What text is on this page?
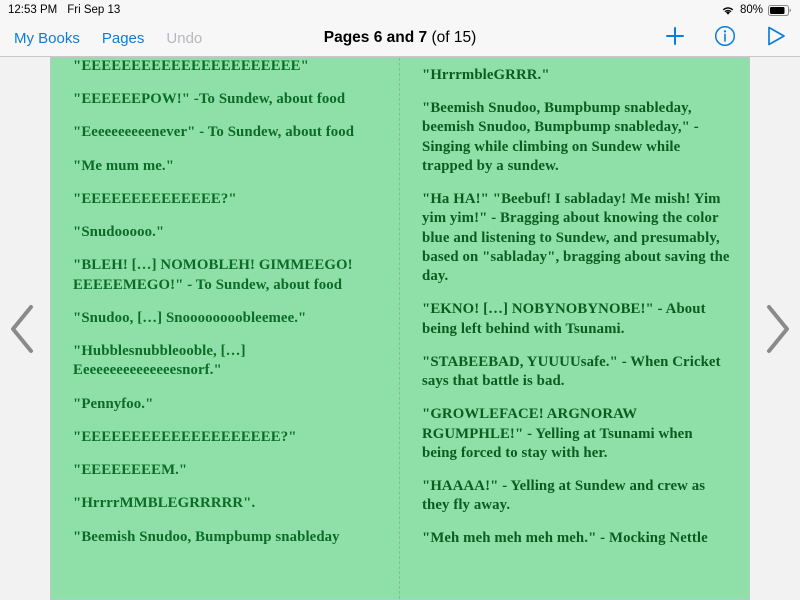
12:53 PM Fri Sep 13	80%
My Books Pages Undo	Pages 6 and 7 (of 15)

"EEEEEEEEEEEEEEEEEEEEEE"

"EEEEEEPOW!" -To Sundew, about food

"Eeeeeeeeeenever" - To Sundew, about food

"Me mum me."

"EEEEEEEEEEEEEE?"

"Snudooooo."

"BLEH! […] NOMOBLEH! GIMMEEGO! EEEEEMEGO!" - To Sundew, about food

"Snudoo, […] Snoooooooobleemee."

"Hubblesnubbleooble, […] Eeeeeeeeeeeeeeesnorf."

"Pennyfoo."

"EEEEEEEEEEEEEEEEEEEE?"

"EEEEEEEEM."

"HrrrrMMBLEGRRRRR".

"Beemish Snudoo, Bumpbump snableday

"HrrrmbleGRRR."

"Beemish Snudoo, Bumpbump snableday, beemish Snudoo, Bumpbump snableday," - Singing while climbing on Sundew while trapped by a sundew.

"Ha HA!" "Beebuf! I sabladay! Me mish! Yim yim yim!" - Bragging about knowing the color blue and listening to Sundew, and presumably, based on "sabladay", bragging about saving the day.

"EKNO! […] NOBYNOBYNOBE!" - About being left behind with Tsunami.

"STABEEBAD, YUUUUsafe." - When Cricket says that battle is bad.

"GROWLEFACE! ARGNORAW RGUMPHLE!" - Yelling at Tsunami when being forced to stay with her.

"HAAAA!" - Yelling at Sundew and crew as they fly away.

"Meh meh meh meh meh." - Mocking Nettle
